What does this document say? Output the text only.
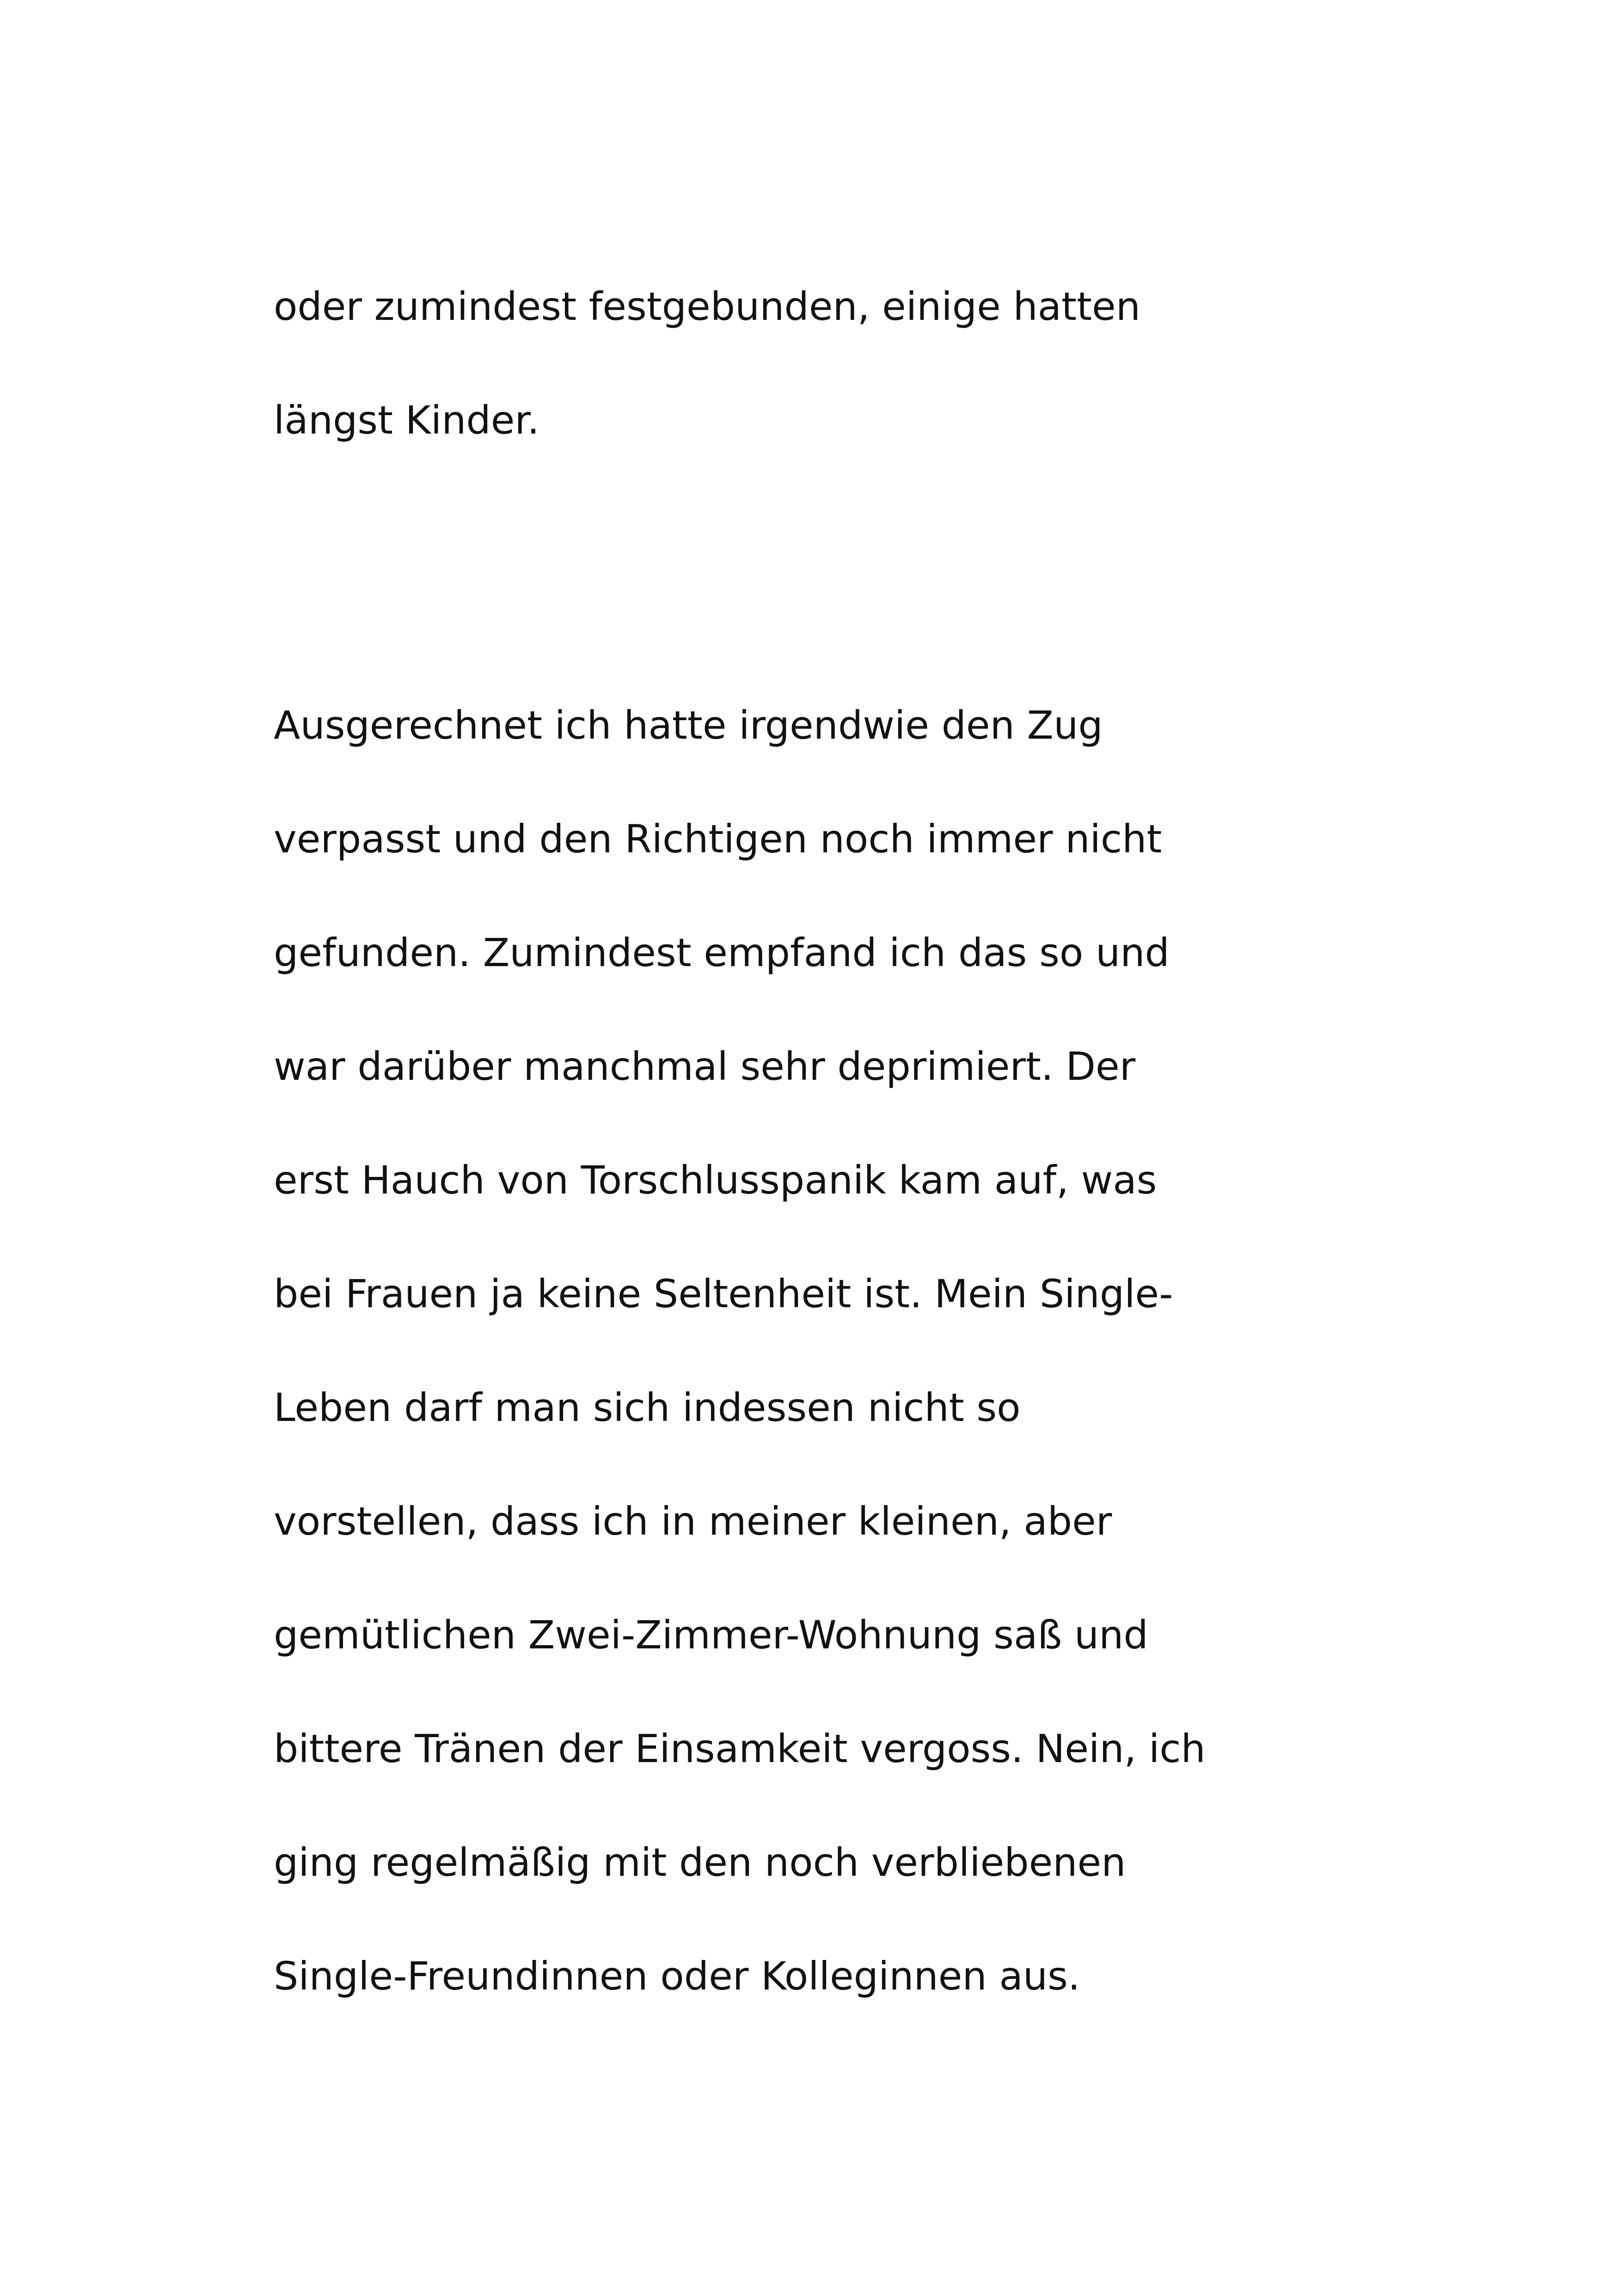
oder zumindest festgebunden, einige hatten
längst Kinder.
Ausgerechnet ich hatte irgendwie den Zug
verpasst und den Richtigen noch immer nicht
gefunden. Zumindest empfand ich das so und
war darüber manchmal sehr deprimiert. Der
erst Hauch von Torschlusspanik kam auf, was
bei Frauen ja keine Seltenheit ist. Mein Single-
Leben darf man sich indessen nicht so
vorstellen, dass ich in meiner kleinen, aber
gemütlichen Zwei-Zimmer-Wohnung saß und
bittere Tränen der Einsamkeit vergoss. Nein, ich
ging regelmäßig mit den noch verbliebenen
Single-Freundinnen oder Kolleginnen aus.
